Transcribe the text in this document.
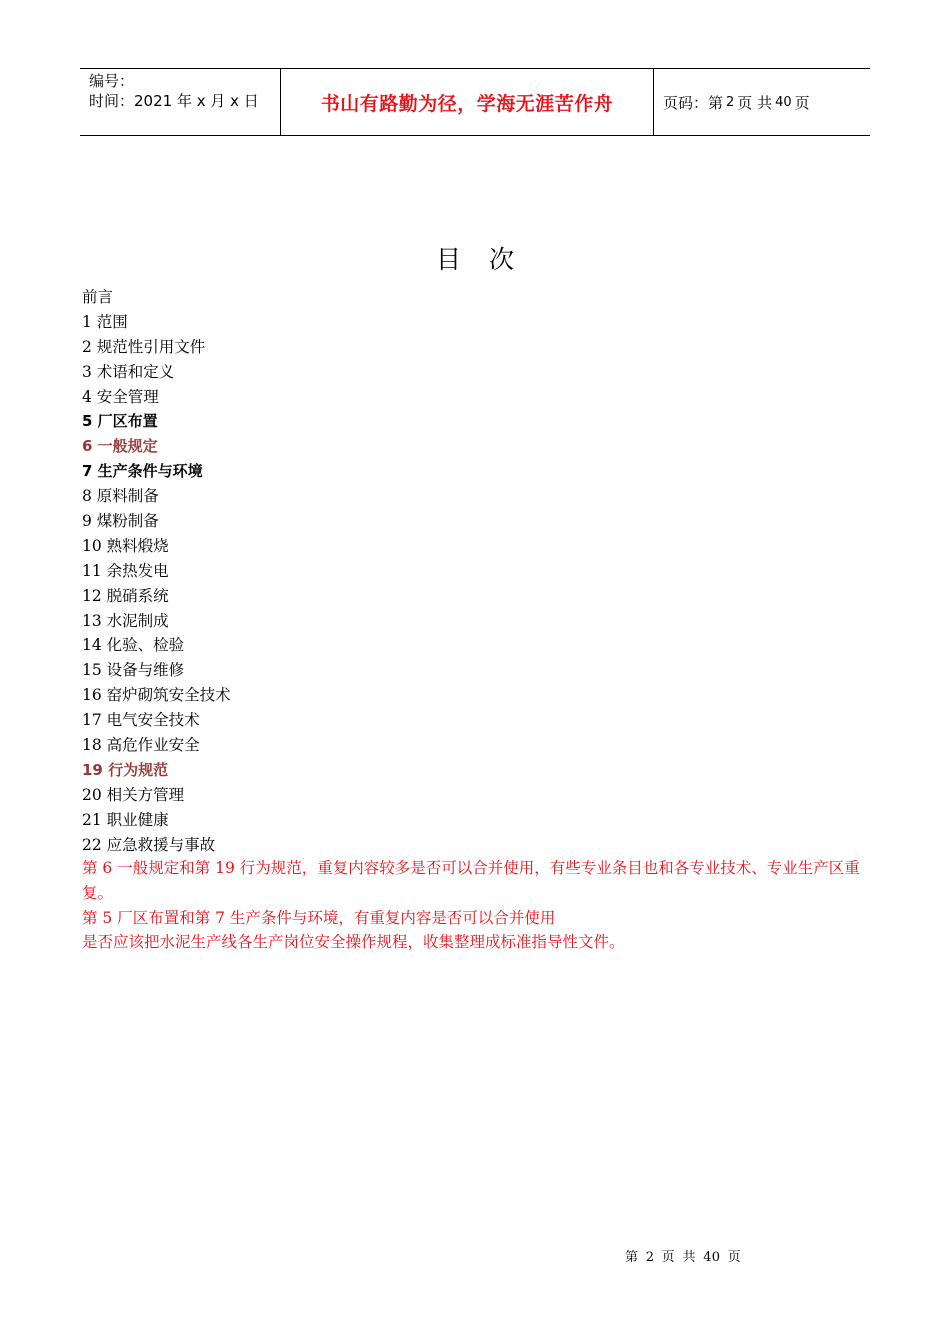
编号：
时间：2021 年 x 月 x 日	书山有路勤为径，学海无涯苦作舟	页码：第 2 页 共 40 页
目次
前言
1 范围
2 规范性引用文件
3 术语和定义
4 安全管理
5 厂区布置
6 一般规定
7 生产条件与环境
8 原料制备
9 煤粉制备
10 熟料煅烧
11 余热发电
12 脱硝系统
13 水泥制成
14 化验、检验
15 设备与维修
16 窑炉砌筑安全技术
17 电气安全技术
18 高危作业安全
19 行为规范
20 相关方管理
21 职业健康
22 应急救援与事故

第 6 一般规定和第 19 行为规范，重复内容较多是否可以合并使用，有些专业条目也和各专业技术、专业生产区重复。

第 5 厂区布置和第 7 生产条件与环境，有重复内容是否可以合并使用

是否应该把水泥生产线各生产岗位安全操作规程，收集整理成标准指导性文件。

第 2 页 共 40 页
